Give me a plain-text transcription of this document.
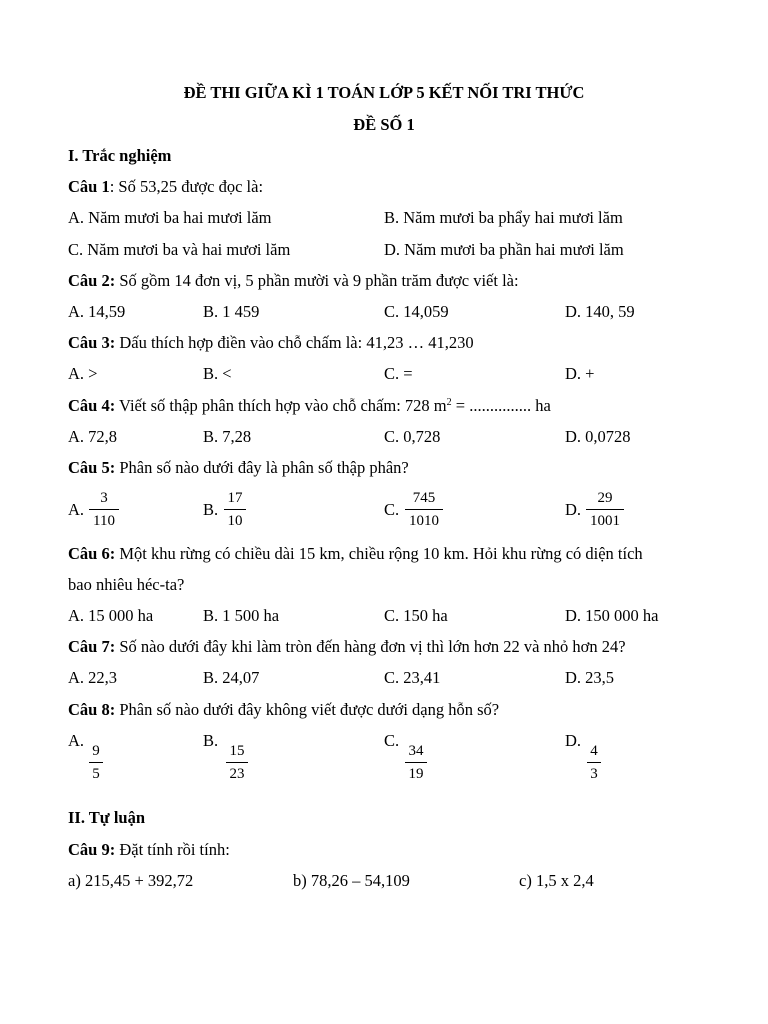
ĐỀ THI GIỮA KÌ 1 TOÁN LỚP 5 KẾT NỐI TRI THỨC
ĐỀ SỐ 1
I. Trắc nghiệm
Câu 1: Số 53,25 được đọc là:
A. Năm mươi ba hai mươi lăm	B. Năm mươi ba phẩy hai mươi lăm
C. Năm mươi ba và hai mươi lăm	D. Năm mươi ba phần hai mươi lăm
Câu 2: Số gồm 14 đơn vị, 5 phần mười và 9 phần trăm được viết là:
A. 14,59	B. 1 459	C. 14,059	D. 140, 59
Câu 3: Dấu thích hợp điền vào chỗ chấm là: 41,23 … 41,230
A. >	B. <	C. =	D. +
Câu 4: Viết số thập phân thích hợp vào chỗ chấm: 728 $m^2$ = ............... ha
A. 72,8	B. 7,28	C. 0,728	D. 0,0728
Câu 5: Phân số nào dưới đây là phân số thập phân?
A.
3
110
B.
17
10
C.
745
1010
D.
29
1001
Câu 6: Một khu rừng có chiều dài 15 km, chiều rộng 10 km. Hỏi khu rừng có diện tích
bao nhiêu héc-ta?
A. 15 000 ha	B. 1 500 ha	C. 150 ha	D. 150 000 ha
Câu 7: Số nào dưới đây khi làm tròn đến hàng đơn vị thì lớn hơn 22 và nhỏ hơn 24?
A. 22,3	B. 24,07	C. 23,41	D. 23,5
Câu 8: Phân số nào dưới đây không viết được dưới dạng hỗn số?
A.
9
5
B.
15
23
C.
34
19
D.
4
3
II. Tự luận
Câu 9: Đặt tính rồi tính:
a) 215,45 + 392,72	b) 78,26 – 54,109	c) 1,5 x 2,4
